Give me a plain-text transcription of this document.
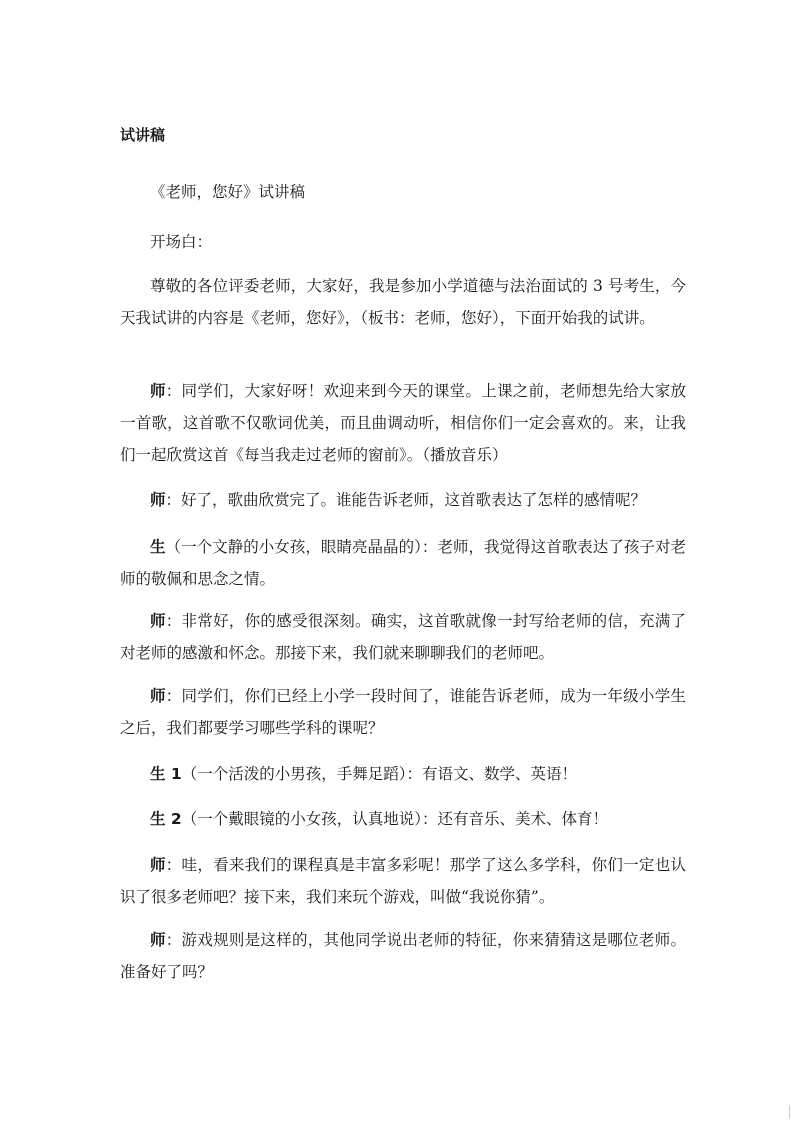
试讲稿

《老师，您好》试讲稿

开场白：

尊敬的各位评委老师，大家好，我是参加小学道德与法治面试的 3 号考生，今天我试讲的内容是《老师，您好》，（板书：老师，您好），下面开始我的试讲。

师：同学们，大家好呀！欢迎来到今天的课堂。上课之前，老师想先给大家放一首歌，这首歌不仅歌词优美，而且曲调动听，相信你们一定会喜欢的。来，让我们一起欣赏这首《每当我走过老师的窗前》。（播放音乐）

师：好了，歌曲欣赏完了。谁能告诉老师，这首歌表达了怎样的感情呢？

生（一个文静的小女孩，眼睛亮晶晶的）：老师，我觉得这首歌表达了孩子对老师的敬佩和思念之情。

师：非常好，你的感受很深刻。确实，这首歌就像一封写给老师的信，充满了对老师的感激和怀念。那接下来，我们就来聊聊我们的老师吧。

师：同学们，你们已经上小学一段时间了，谁能告诉老师，成为一年级小学生之后，我们都要学习哪些学科的课呢？

生 1（一个活泼的小男孩，手舞足蹈）：有语文、数学、英语！

生 2（一个戴眼镜的小女孩，认真地说）：还有音乐、美术、体育！

师：哇，看来我们的课程真是丰富多彩呢！那学了这么多学科，你们一定也认识了很多老师吧？接下来，我们来玩个游戏，叫做“我说你猜”。

师：游戏规则是这样的，其他同学说出老师的特征，你来猜猜这是哪位老师。准备好了吗？
